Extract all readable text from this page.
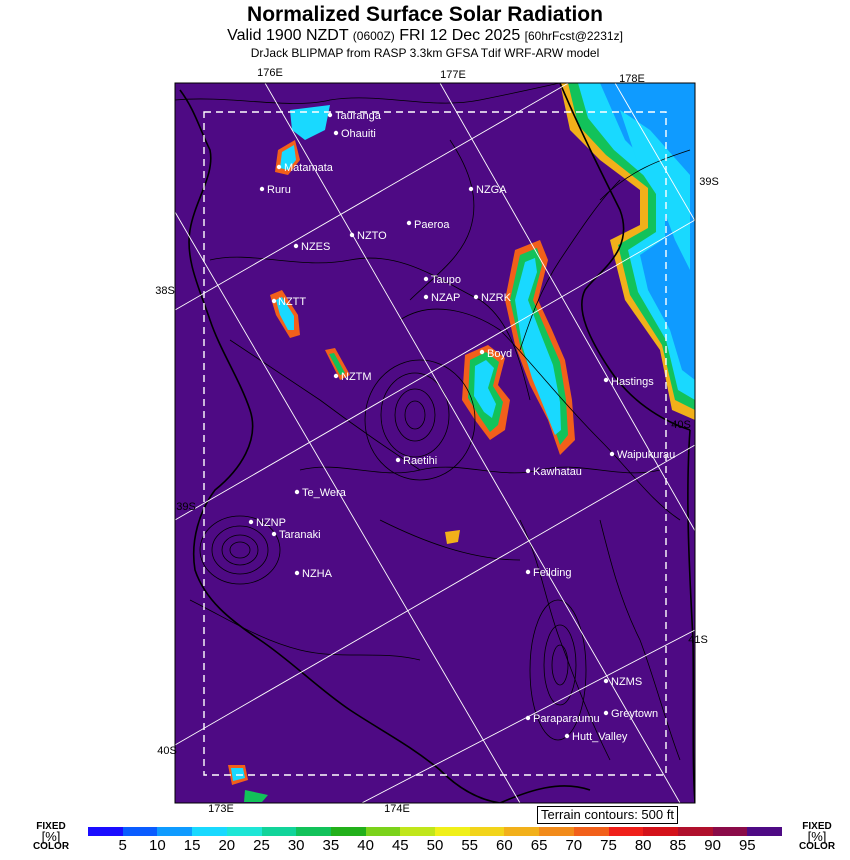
Normalized Surface Solar Radiation
Valid 1900 NZDT (0600Z) FRI 12 Dec 2025 [60hrFcst@2231z]
DrJack BLIPMAP from RASP 3.3km GFSA Tdif WRF-ARW model
176E	177E	178E
173E	174E
38S
39S
40S
39S
40S
41S
Tauranga
Ohauiti
Matamata
Ruru	NZGA
Paeroa
NZTO
NZES
Taupo
NZAP NZRK
NZTT
Boyd
Hastings
NZTM
Waipukurau
Raetihi
Kawhatau
Te_Wera
NZNP
Taranaki
NZHA	Feilding
NZMS
Greytown
Paraparaumu
Hutt_Valley
Terrain contours: 500 ft
FIXED
[%]
COLOR
FIXED
[%]
COLOR
5 10 15 20 25 30 35 40 45 50 55 60 65 70 75 80 85 90 95
